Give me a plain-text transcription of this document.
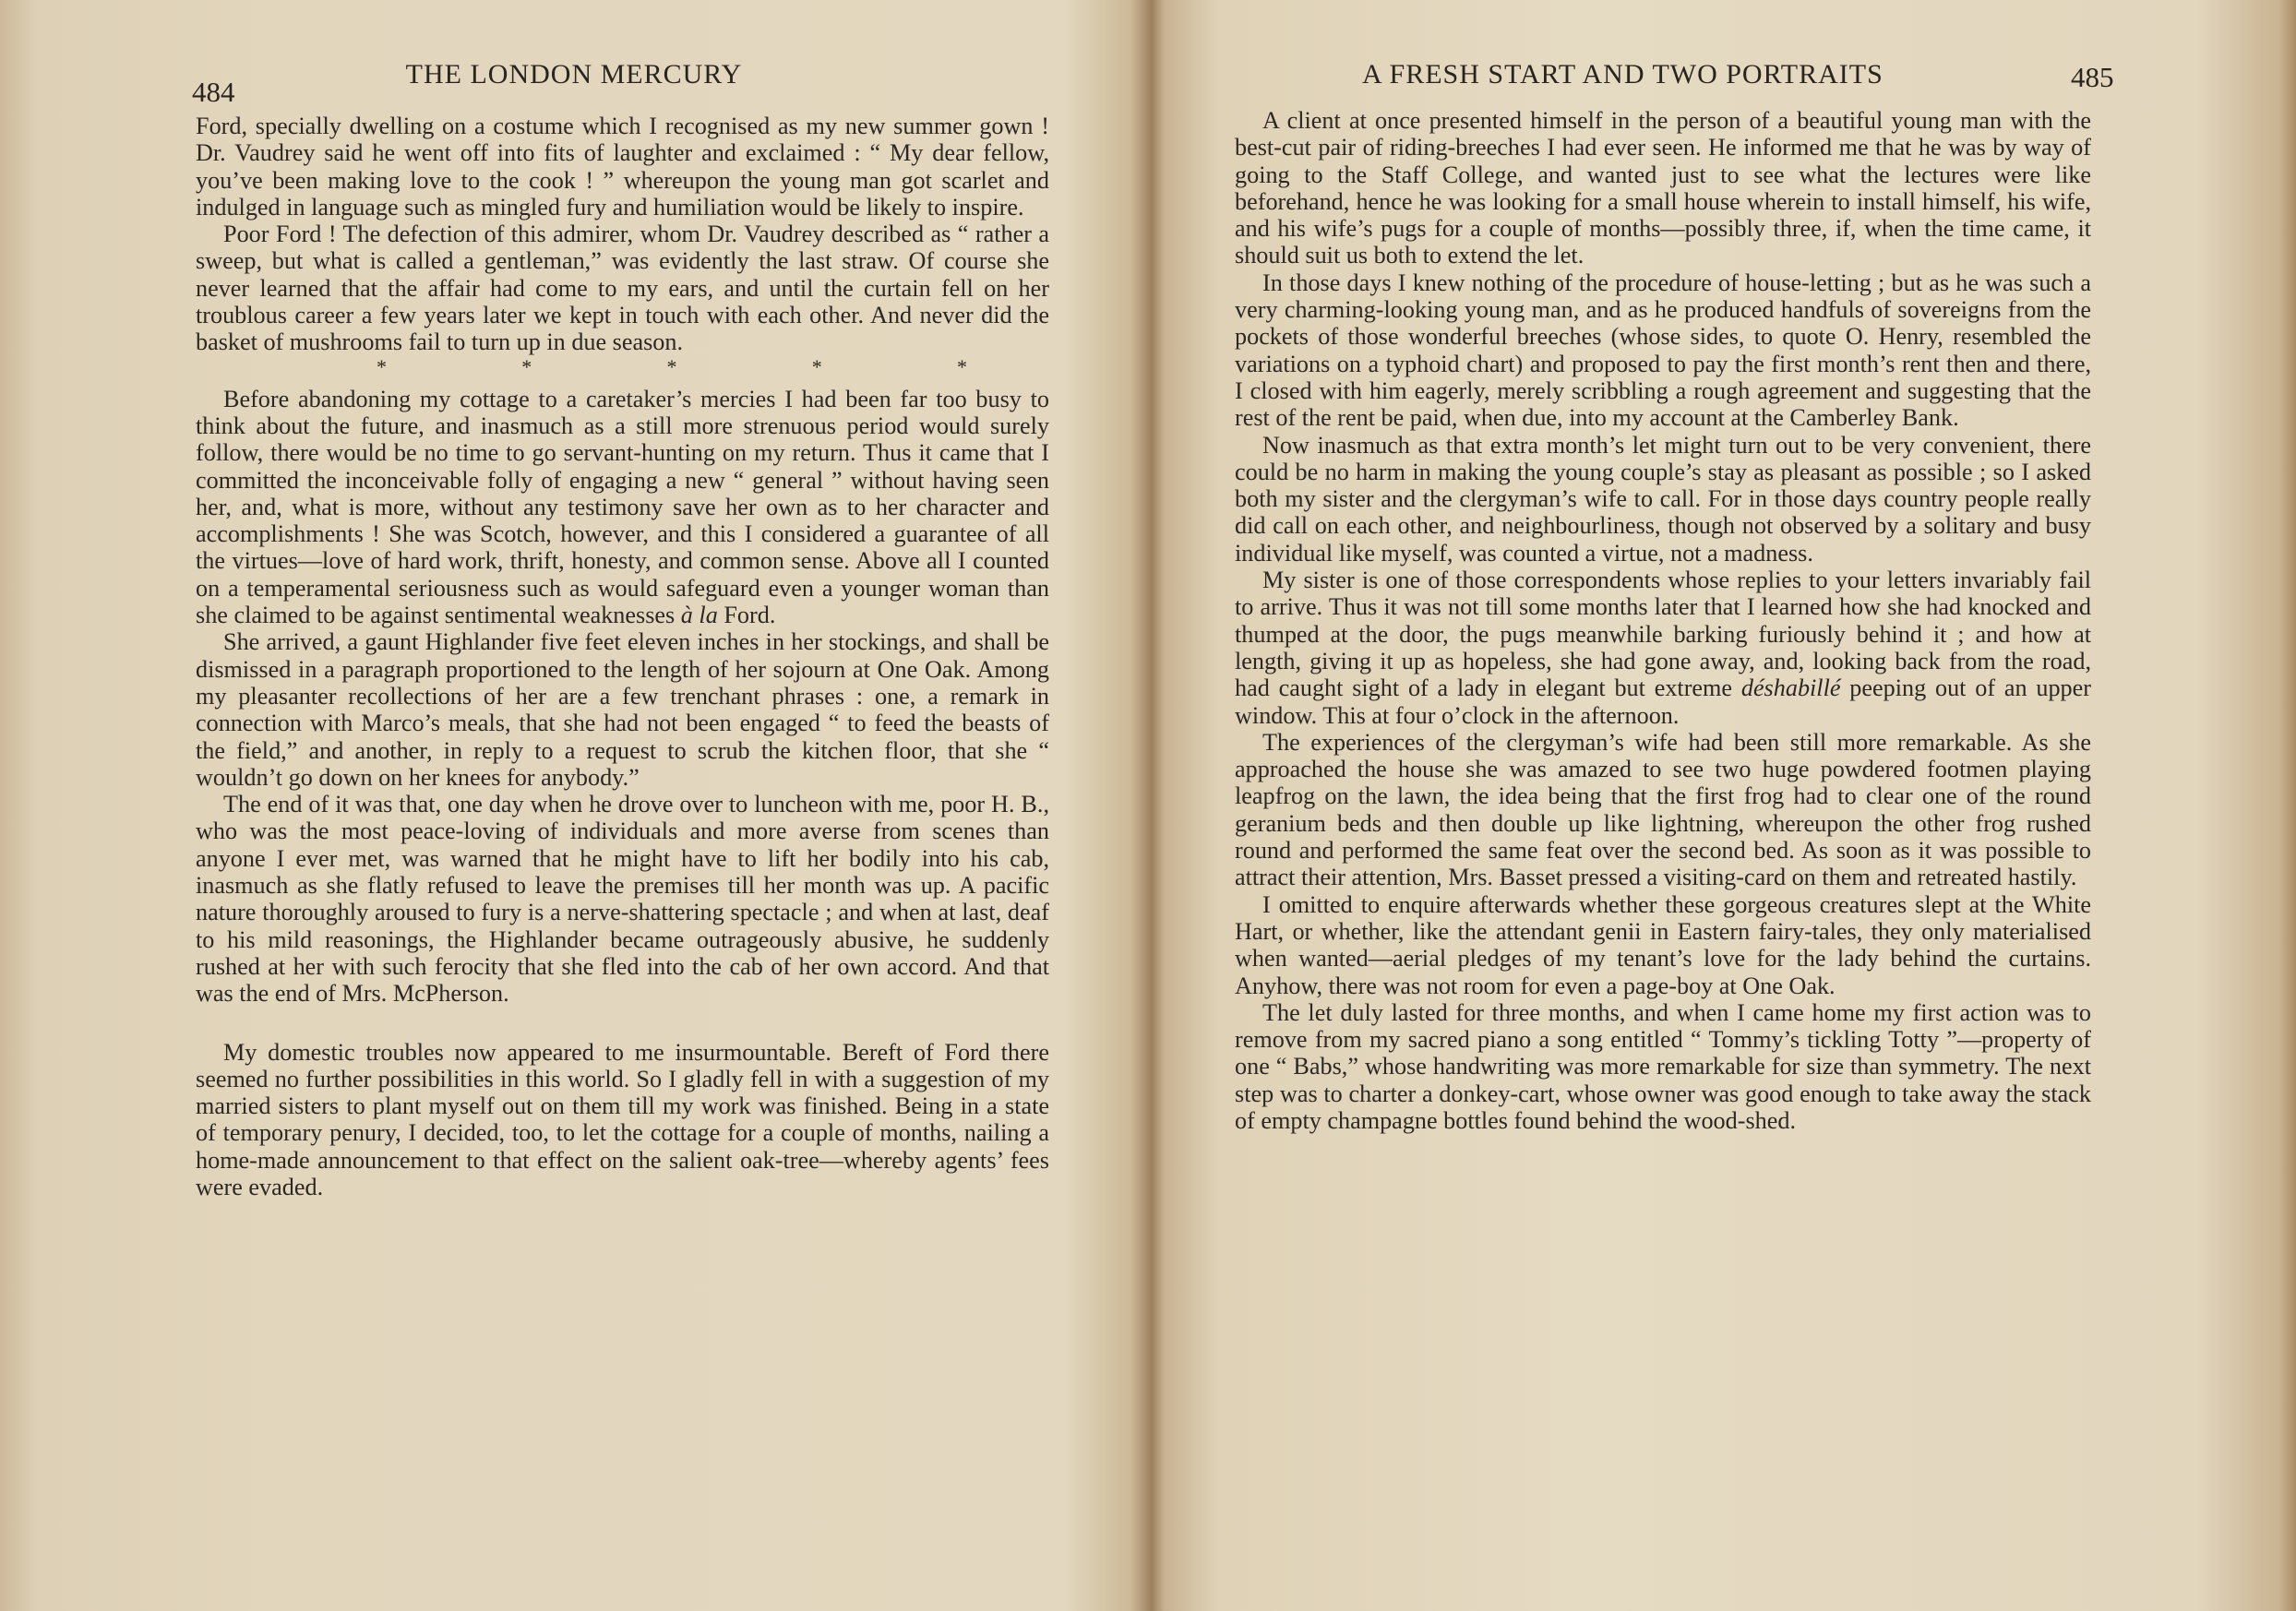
484
THE LONDON MERCURY

Ford, specially dwelling on a costume which I recognised as my new summer gown ! Dr. Vaudrey said he went off into fits of laughter and exclaimed : “ My dear fellow, you’ve been making love to the cook ! ” whereupon the young man got scarlet and indulged in language such as mingled fury and humiliation would be likely to inspire.

Poor Ford ! The defection of this admirer, whom Dr. Vaudrey described as “ rather a sweep, but what is called a gentleman,” was evidently the last straw. Of course she never learned that the affair had come to my ears, and until the curtain fell on her troublous career a few years later we kept in touch with each other. And never did the basket of mushrooms fail to turn up in due season.

*	*	*	*	*

Before abandoning my cottage to a caretaker’s mercies I had been far too busy to think about the future, and inasmuch as a still more strenuous period would surely follow, there would be no time to go servant-hunting on my return. Thus it came that I committed the inconceivable folly of engaging a new “ general ” without having seen her, and, what is more, without any testimony save her own as to her character and accomplishments ! She was Scotch, however, and this I considered a guarantee of all the virtues—love of hard work, thrift, honesty, and common sense. Above all I counted on a temperamental seriousness such as would safeguard even a younger woman than she claimed to be against sentimental weaknesses à la Ford.

She arrived, a gaunt Highlander five feet eleven inches in her stockings, and shall be dismissed in a paragraph proportioned to the length of her sojourn at One Oak. Among my pleasanter recollections of her are a few trenchant phrases : one, a remark in connection with Marco’s meals, that she had not been engaged “ to feed the beasts of the field,” and another, in reply to a request to scrub the kitchen floor, that she “ wouldn’t go down on her knees for anybody.”

The end of it was that, one day when he drove over to luncheon with me, poor H. B., who was the most peace-loving of individuals and more averse from scenes than anyone I ever met, was warned that he might have to lift her bodily into his cab, inasmuch as she flatly refused to leave the premises till her month was up. A pacific nature thoroughly aroused to fury is a nerve-shattering spectacle ; and when at last, deaf to his mild reasonings, the Highlander became outrageously abusive, he suddenly rushed at her with such ferocity that she fled into the cab of her own accord. And that was the end of Mrs. McPherson.

My domestic troubles now appeared to me insurmountable. Bereft of Ford there seemed no further possibilities in this world. So I gladly fell in with a suggestion of my married sisters to plant myself out on them till my work was finished. Being in a state of temporary penury, I decided, too, to let the cottage for a couple of months, nailing a home-made announcement to that effect on the salient oak-tree—whereby agents’ fees were evaded.

A FRESH START AND TWO PORTRAITS	485

A client at once presented himself in the person of a beautiful young man with the best-cut pair of riding-breeches I had ever seen. He informed me that he was by way of going to the Staff College, and wanted just to see what the lectures were like beforehand, hence he was looking for a small house wherein to install himself, his wife, and his wife’s pugs for a couple of months—possibly three, if, when the time came, it should suit us both to extend the let.

In those days I knew nothing of the procedure of house-letting ; but as he was such a very charming-looking young man, and as he produced handfuls of sovereigns from the pockets of those wonderful breeches (whose sides, to quote O. Henry, resembled the variations on a typhoid chart) and proposed to pay the first month’s rent then and there, I closed with him eagerly, merely scribbling a rough agreement and suggesting that the rest of the rent be paid, when due, into my account at the Camberley Bank.

Now inasmuch as that extra month’s let might turn out to be very convenient, there could be no harm in making the young couple’s stay as pleasant as possible ; so I asked both my sister and the clergyman’s wife to call. For in those days country people really did call on each other, and neighbourliness, though not observed by a solitary and busy individual like myself, was counted a virtue, not a madness.

My sister is one of those correspondents whose replies to your letters invariably fail to arrive. Thus it was not till some months later that I learned how she had knocked and thumped at the door, the pugs meanwhile barking furiously behind it ; and how at length, giving it up as hopeless, she had gone away, and, looking back from the road, had caught sight of a lady in elegant but extreme déshabillé peeping out of an upper window. This at four o’clock in the afternoon.

The experiences of the clergyman’s wife had been still more remarkable. As she approached the house she was amazed to see two huge powdered footmen playing leapfrog on the lawn, the idea being that the first frog had to clear one of the round geranium beds and then double up like lightning, whereupon the other frog rushed round and performed the same feat over the second bed. As soon as it was possible to attract their attention, Mrs. Basset pressed a visiting-card on them and retreated hastily.

I omitted to enquire afterwards whether these gorgeous creatures slept at the White Hart, or whether, like the attendant genii in Eastern fairy-tales, they only materialised when wanted—aerial pledges of my tenant’s love for the lady behind the curtains. Anyhow, there was not room for even a page-boy at One Oak.

The let duly lasted for three months, and when I came home my first action was to remove from my sacred piano a song entitled “ Tommy’s tickling Totty ”—property of one “ Babs,” whose handwriting was more remarkable for size than symmetry. The next step was to charter a donkey-cart, whose owner was good enough to take away the stack of empty champagne bottles found behind the wood-shed.
